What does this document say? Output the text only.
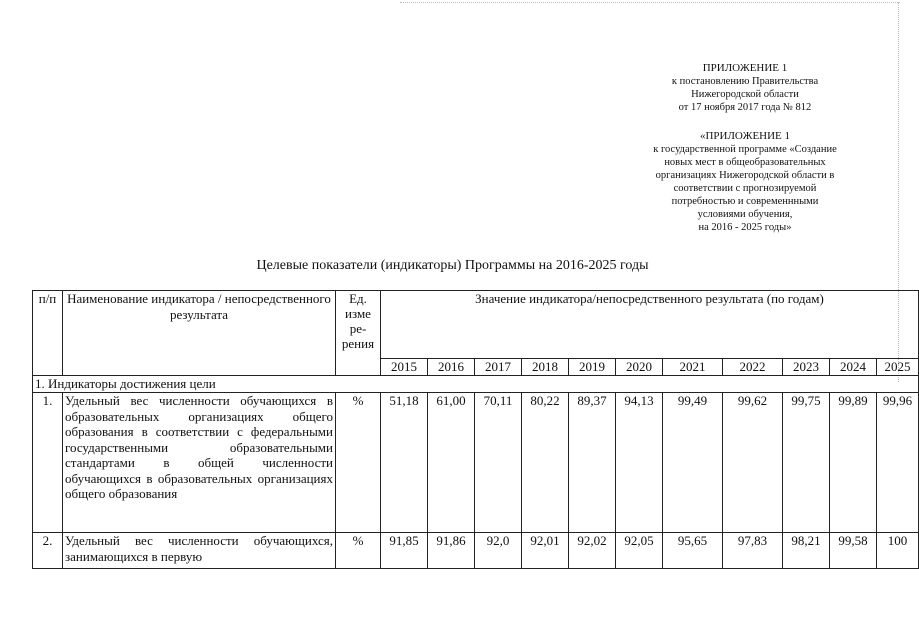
ПРИЛОЖЕНИЕ 1
к постановлению Правительства
Нижегородской области
от 17 ноября 2017 года № 812
«ПРИЛОЖЕНИЕ 1
к государственной программе «Создание
новых мест в общеобразовательных
организациях Нижегородской области в
соответствии с прогнозируемой
потребностью и современнными
условиями обучения,
на 2016 - 2025 годы»
Целевые показатели (индикаторы) Программы на 2016-2025 годы
п/п	Наименование индикатора / непосредственного результата	Ед.
изме
ре-
рения	Значение индикатора/непосредственного результата (по годам)										
			2015	2016	2017	2018	2019	2020	2021	2022	2023	2024	2025
1. Индикаторы достижения цели													
1.	Удельный вес численности обучающихся в образовательных организациях общего образования в соответствии с федеральными государственными образовательными стандартами в общей численности обучающихся в образовательных организациях общего образования	%	51,18	61,00	70,11	80,22	89,37	94,13	99,49	99,62	99,75	99,89	99,96
2.	Удельный вес численности обучающихся, занимающихся в первую	%	91,85	91,86	92,0	92,01	92,02	92,05	95,65	97,83	98,21	99,58	100
